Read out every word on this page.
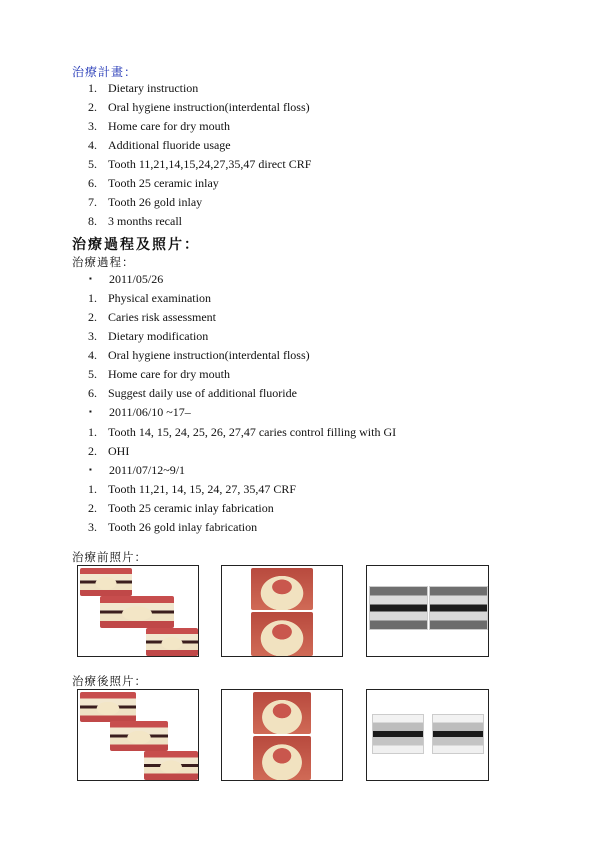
治療計畫：
1. Dietary instruction
2. Oral hygiene instruction(interdental floss)
3. Home care for dry mouth
4. Additional fluoride usage
5. Tooth 11,21,14,15,24,27,35,47 direct CRF
6. Tooth 25 ceramic inlay
7. Tooth 26 gold inlay
8. 3 months recall
治療過程及照片：
治療過程：
▪ 2011/05/26
1. Physical examination
2. Caries risk assessment
3. Dietary modification
4. Oral hygiene instruction(interdental floss)
5. Home care for dry mouth
6. Suggest daily use of additional fluoride
▪ 2011/06/10 ~17–
1. Tooth 14, 15, 24, 25, 26, 27,47 caries control filling with GI
2. OHI
▪ 2011/07/12~9/1
1. Tooth 11,21, 14, 15, 24, 27, 35,47 CRF
2. Tooth 25 ceramic inlay fabrication
3. Tooth 26 gold inlay fabrication
治療前照片：
治療後照片：
